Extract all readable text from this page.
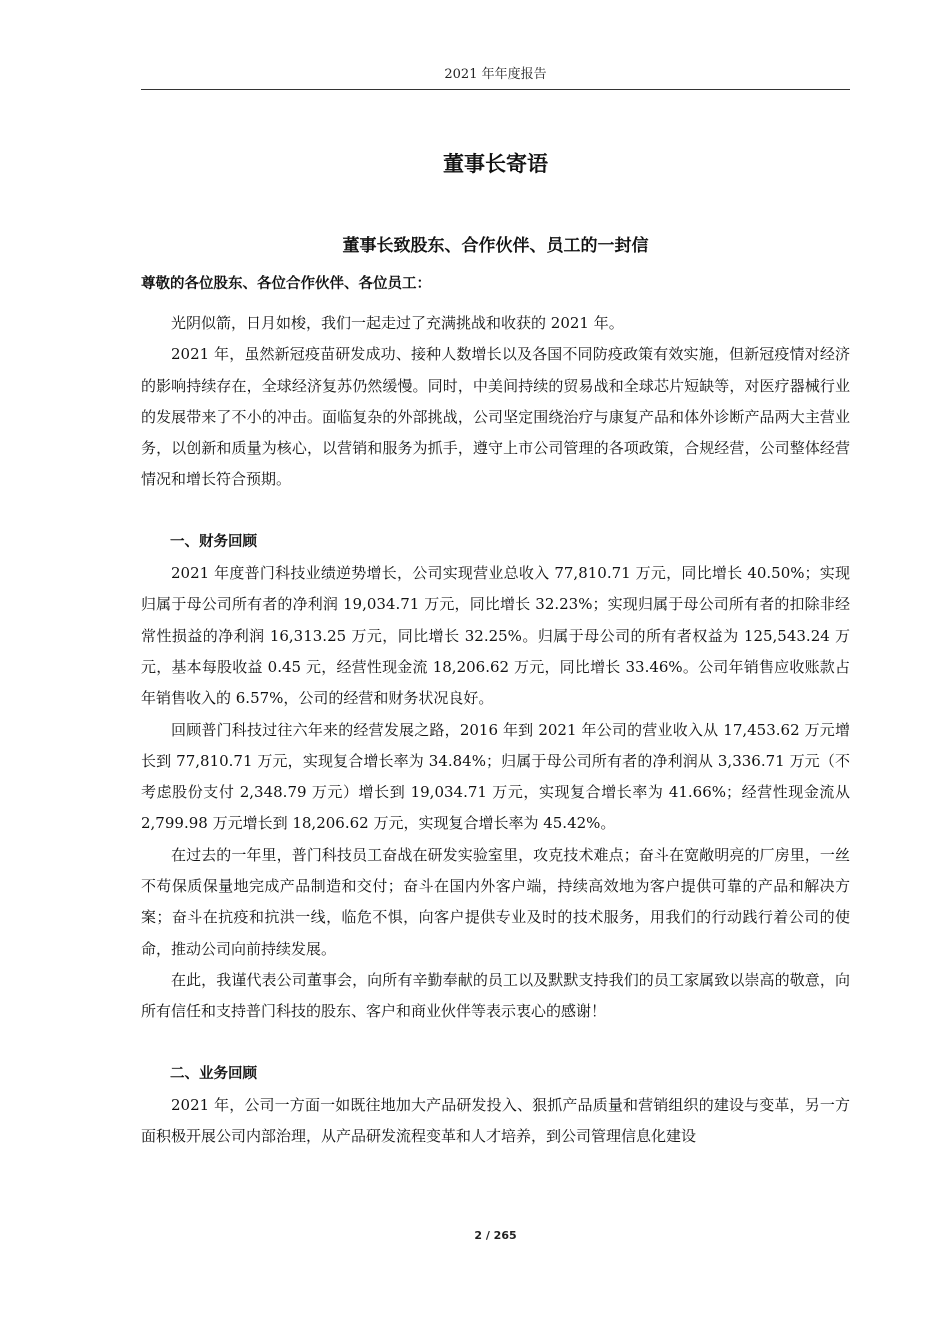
2021 年年度报告
董事长寄语
董事长致股东、合作伙伴、员工的一封信

尊敬的各位股东、各位合作伙伴、各位员工：

光阴似箭，日月如梭，我们一起走过了充满挑战和收获的 2021 年。

2021 年，虽然新冠疫苗研发成功、接种人数增长以及各国不同防疫政策有效实施，但新冠疫情对经济的影响持续存在，全球经济复苏仍然缓慢。同时，中美间持续的贸易战和全球芯片短缺等，对医疗器械行业的发展带来了不小的冲击。面临复杂的外部挑战，公司坚定围绕治疗与康复产品和体外诊断产品两大主营业务，以创新和质量为核心，以营销和服务为抓手，遵守上市公司管理的各项政策，合规经营，公司整体经营情况和增长符合预期。

一、财务回顾

2021 年度普门科技业绩逆势增长，公司实现营业总收入 77,810.71 万元，同比增长 40.50%；实现归属于母公司所有者的净利润 19,034.71 万元，同比增长 32.23%；实现归属于母公司所有者的扣除非经常性损益的净利润 16,313.25 万元，同比增长 32.25%。归属于母公司的所有者权益为 125,543.24 万元，基本每股收益 0.45 元，经营性现金流 18,206.62 万元，同比增长 33.46%。公司年销售应收账款占年销售收入的 6.57%，公司的经营和财务状况良好。

回顾普门科技过往六年来的经营发展之路，2016 年到 2021 年公司的营业收入从 17,453.62 万元增长到 77,810.71 万元，实现复合增长率为 34.84%；归属于母公司所有者的净利润从 3,336.71 万元（不考虑股份支付 2,348.79 万元）增长到 19,034.71 万元，实现复合增长率为 41.66%；经营性现金流从 2,799.98 万元增长到 18,206.62 万元，实现复合增长率为 45.42%。

在过去的一年里，普门科技员工奋战在研发实验室里，攻克技术难点；奋斗在宽敞明亮的厂房里，一丝不苟保质保量地完成产品制造和交付；奋斗在国内外客户端，持续高效地为客户提供可靠的产品和解决方案；奋斗在抗疫和抗洪一线，临危不惧，向客户提供专业及时的技术服务，用我们的行动践行着公司的使命，推动公司向前持续发展。

在此，我谨代表公司董事会，向所有辛勤奉献的员工以及默默支持我们的员工家属致以崇高的敬意，向所有信任和支持普门科技的股东、客户和商业伙伴等表示衷心的感谢！

二、业务回顾

2021 年，公司一方面一如既往地加大产品研发投入、狠抓产品质量和营销组织的建设与变革，另一方面积极开展公司内部治理，从产品研发流程变革和人才培养，到公司管理信息化建设

2 / 265
